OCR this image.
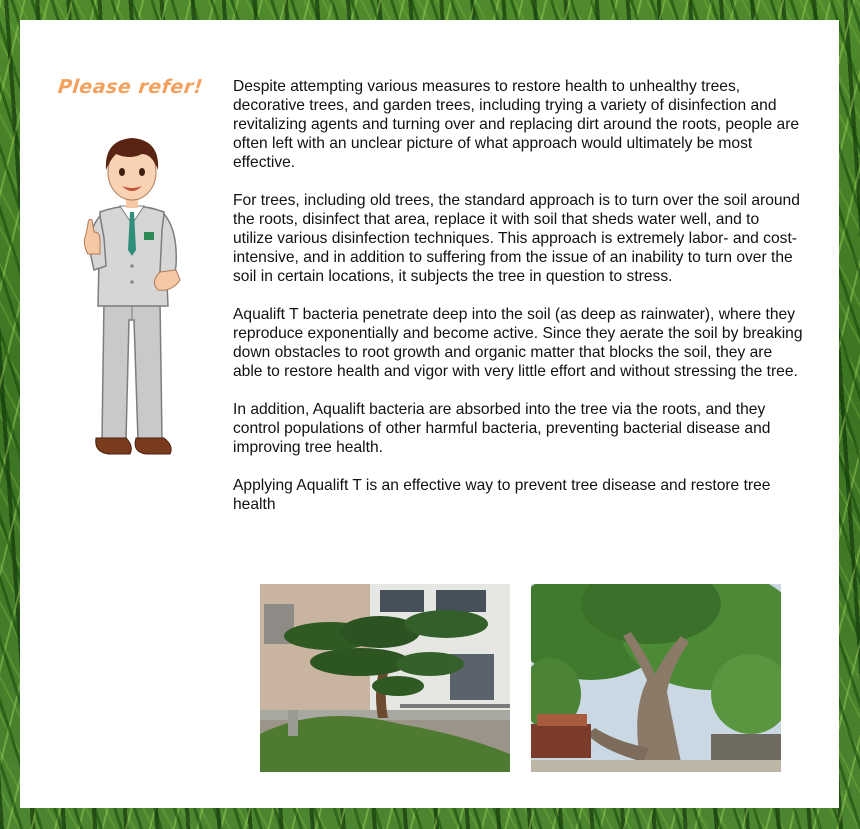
Please refer! Despite attempting various measures to restore health to unhealthy trees, decorative trees, and garden trees, including trying a variety of disinfection and revitalizing agents and turning over and replacing dirt around the roots, people are often left with an unclear picture of what approach would ultimately be most effective.

For trees, including old trees, the standard approach is to turn over the soil around the roots, disinfect that area, replace it with soil that sheds water well, and to utilize various disinfection techniques. This approach is extremely labor- and cost-intensive, and in addition to suffering from the issue of an inability to turn over the soil in certain locations, it subjects the tree in question to stress.

Aqualift T bacteria penetrate deep into the soil (as deep as rainwater), where they reproduce exponentially and become active. Since they aerate the soil by breaking down obstacles to root growth and organic matter that blocks the soil, they are able to restore health and vigor with very little effort and without stressing the tree.

In addition, Aqualift bacteria are absorbed into the tree via the roots, and they control populations of other harmful bacteria, preventing bacterial disease and improving tree health.

Applying Aqualift T is an effective way to prevent tree disease and restore tree health
